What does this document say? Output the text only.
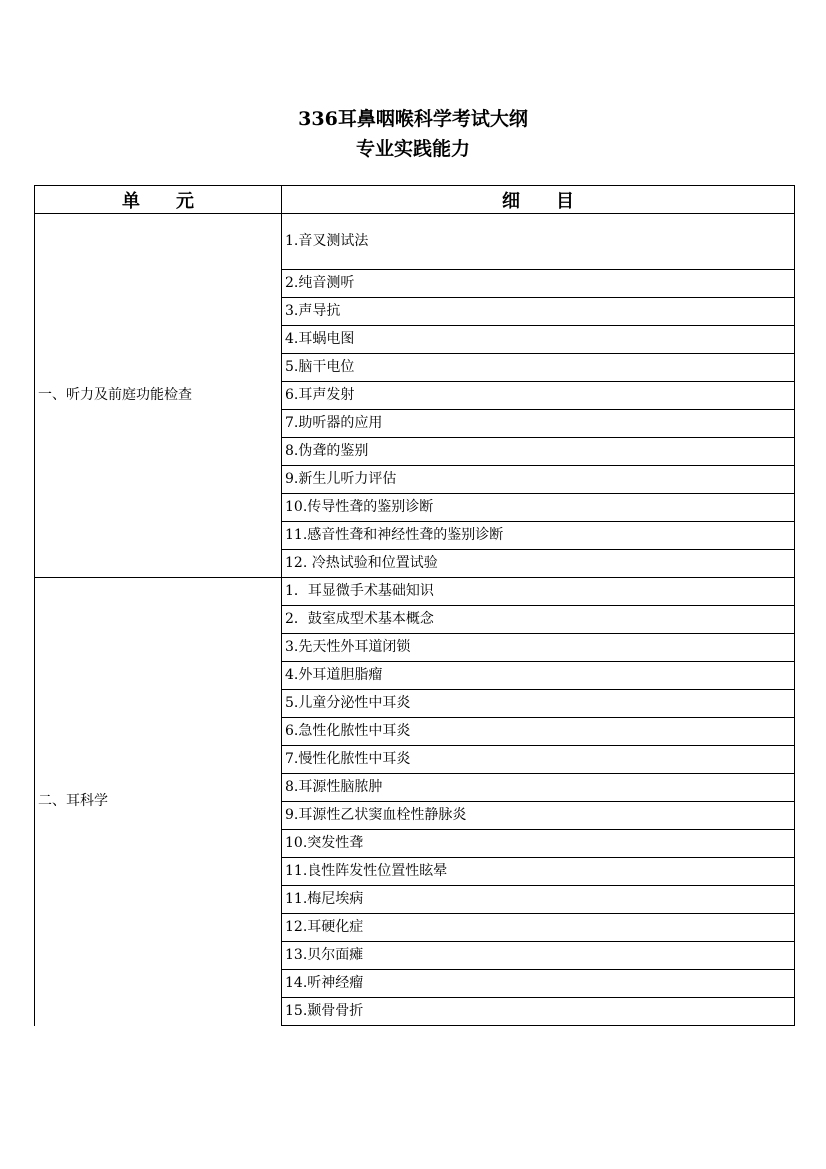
336耳鼻咽喉科学考试大纲
专业实践能力
单　　元	细　　目
一、听力及前庭功能检查	1.音叉测试法
	2.纯音测听
	3.声导抗
	4.耳蜗电图
	5.脑干电位
	6.耳声发射
	7.助听器的应用
	8.伪聋的鉴别
	9.新生儿听力评估
	10.传导性聋的鉴别诊断
	11.感音性聋和神经性聋的鉴别诊断
	12. 冷热试验和位置试验
二、耳科学	1．耳显微手术基础知识
	2．鼓室成型术基本概念
	3.先天性外耳道闭锁
	4.外耳道胆脂瘤
	5.儿童分泌性中耳炎
	6.急性化脓性中耳炎
	7.慢性化脓性中耳炎
	8.耳源性脑脓肿
	9.耳源性乙状窦血栓性静脉炎
	10.突发性聋
	11.良性阵发性位置性眩晕
	11.梅尼埃病
	12.耳硬化症
	13.贝尔面瘫
	14.听神经瘤
	15.颞骨骨折
